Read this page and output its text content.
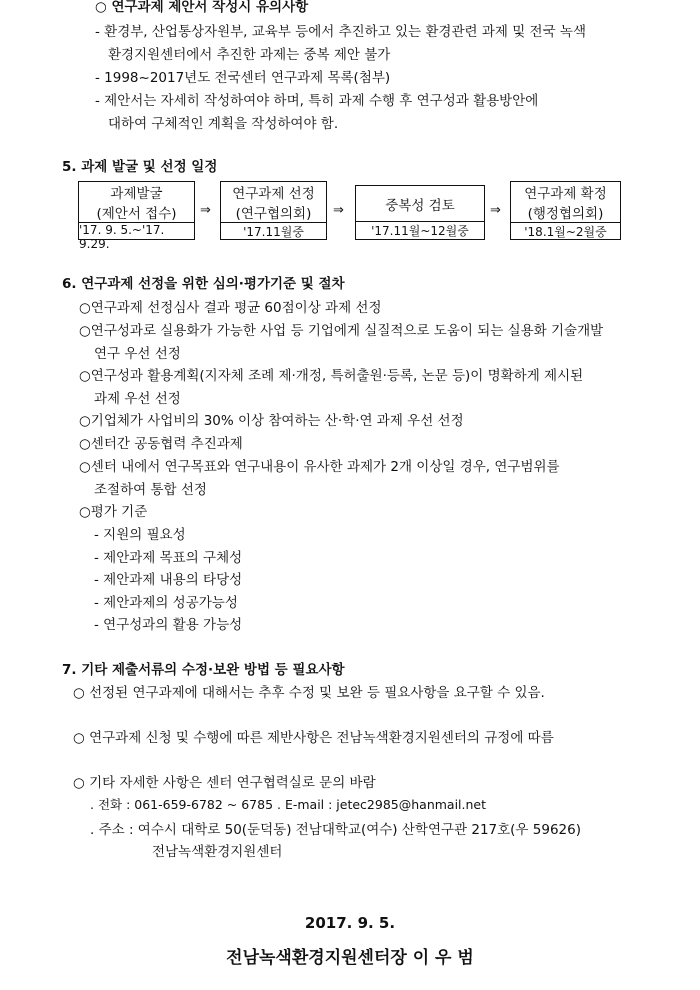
○ 연구과제 제안서 작성시 유의사항
- 환경부, 산업통상자원부, 교육부 등에서 추진하고 있는 환경관련 과제 및 전국 녹색
환경지원센터에서 추진한 과제는 중복 제안 불가
- 1998~2017년도 전국센터 연구과제 목록(첨부)
- 제안서는 자세히 작성하여야 하며, 특히 과제 수행 후 연구성과 활용방안에
대하여 구체적인 계획을 작성하여야 함.
5. 과제 발굴 및 선정 일정
과제발굴
(제안서 접수)
'17. 9. 5.~'17. 9.29.
⇒
연구과제 선정
(연구협의회)
'17.11월중
⇒	중복성 검토
'17.11월~12월중
⇒
연구과제 확정
(행정협의회)
'18.1월~2월중
6. 연구과제 선정을 위한 심의·평가기준 및 절차
○연구과제 선정심사 결과 평균 60점이상 과제 선정
○연구성과로 실용화가 가능한 사업 등 기업에게 실질적으로 도움이 되는 실용화 기술개발
연구 우선 선정
○연구성과 활용계획(지자체 조례 제·개정, 특허출원·등록, 논문 등)이 명확하게 제시된
과제 우선 선정
○기업체가 사업비의 30% 이상 참여하는 산·학·연 과제 우선 선정
○센터간 공동협력 추진과제
○센터 내에서 연구목표와 연구내용이 유사한 과제가 2개 이상일 경우, 연구범위를
조절하여 통합 선정
○평가 기준
- 지원의 필요성
- 제안과제 목표의 구체성
- 제안과제 내용의 타당성
- 제안과제의 성공가능성
- 연구성과의 활용 가능성
7. 기타 제출서류의 수정·보완 방법 등 필요사항
○ 선정된 연구과제에 대해서는 추후 수정 및 보완 등 필요사항을 요구할 수 있음.
○ 연구과제 신청 및 수행에 따른 제반사항은 전남녹색환경지원센터의 규정에 따름
○ 기타 자세한 사항은 센터 연구협력실로 문의 바람
. 전화 : 061-659-6782 ~ 6785 . E-mail : jetec2985@hanmail.net
. 주소 : 여수시 대학로 50(둔덕동) 전남대학교(여수) 산학연구관 217호(우 59626)
전남녹색환경지원센터
2017. 9. 5.
전남녹색환경지원센터장 이 우 범
